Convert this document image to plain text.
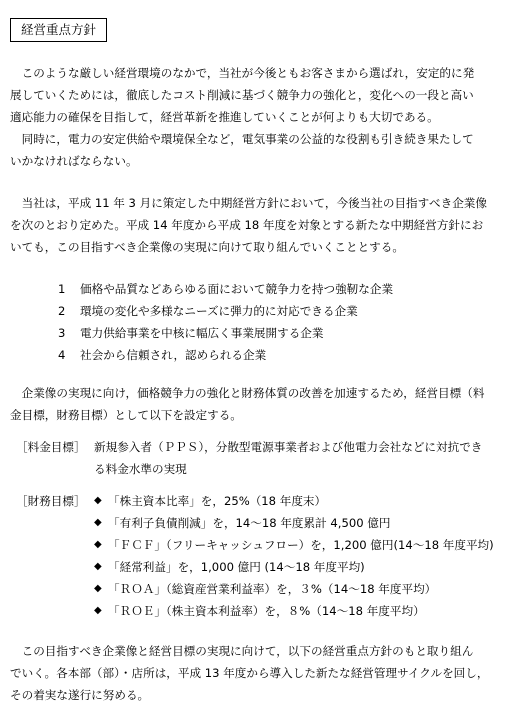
経営重点方針
　このような厳しい経営環境のなかで，当社が今後ともお客さまから選ばれ，安定的に発
展していくためには，徹底したコスト削減に基づく競争力の強化と，変化への一段と高い
適応能力の確保を目指して，経営革新を推進していくことが何よりも大切である。
　同時に，電力の安定供給や環境保全など，電気事業の公益的な役割も引き続き果たして
いかなければならない。
　当社は，平成 11 年 3 月に策定した中期経営方針において，今後当社の目指すべき企業像
を次のとおり定めた。平成 14 年度から平成 18 年度を対象とする新たな中期経営方針にお
いても，この目指すべき企業像の実現に向けて取り組んでいくこととする。
1	価格や品質などあらゆる面において競争力を持つ強靭な企業
2	環境の変化や多様なニーズに弾力的に対応できる企業
3	電力供給事業を中核に幅広く事業展開する企業
4	社会から信頼され，認められる企業
　企業像の実現に向け，価格競争力の強化と財務体質の改善を加速するため，経営目標（料
金目標，財務目標）として以下を設定する。
［料金目標］ 新規参入者（ＰＰＳ），分散型電源事業者および他電力会社などに対抗でき
る料金水準の実現
［財務目標］ ◆ 「株主資本比率」を，25%（18 年度末）
◆ 「有利子負債削減」を，14～18 年度累計 4,500 億円
◆ 「ＦＣＦ」（フリーキャッシュフロー）を，1,200 億円(14～18 年度平均)
◆ 「経常利益」を，1,000 億円 (14～18 年度平均)
◆ 「ＲＯＡ」（総資産営業利益率）を，３%（14～18 年度平均）
◆ 「ＲＯＥ」（株主資本利益率）を，８%（14～18 年度平均）
　この目指すべき企業像と経営目標の実現に向けて，以下の経営重点方針のもと取り組ん
でいく。各本部（部）・店所は，平成 13 年度から導入した新たな経営管理サイクルを回し，
その着実な遂行に努める。
